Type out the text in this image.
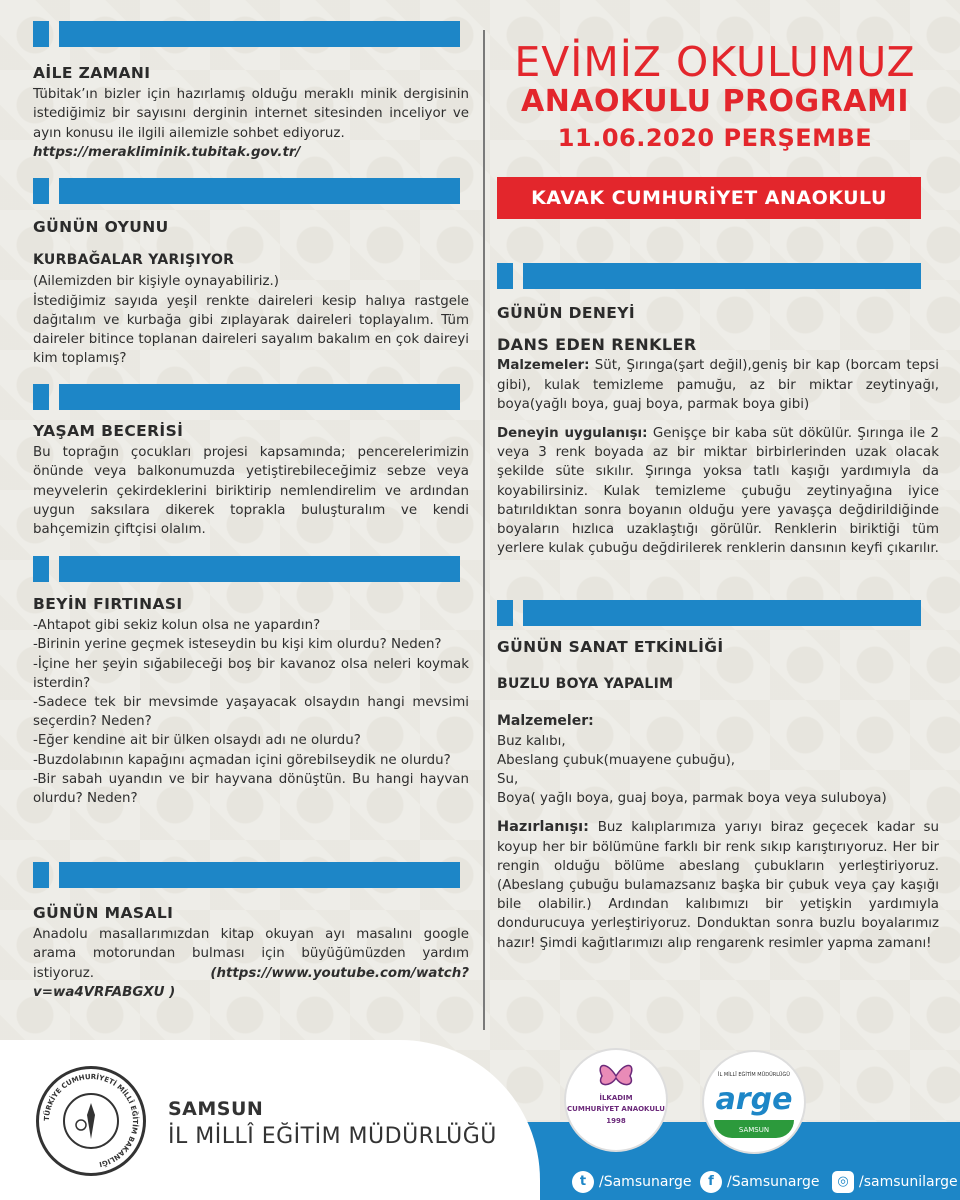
AİLE ZAMANI
Tübitak’ın bizler için hazırlamış olduğu meraklı minik dergisinin istediğimiz bir sayısını derginin internet sitesinden inceliyor ve ayın konusu ile ilgili ailemizle sohbet ediyoruz.
https://merakliminik.tubitak.gov.tr/
GÜNÜN OYUNU
KURBAĞALAR YARIŞIYOR
(Ailemizden bir kişiyle oynayabiliriz.)
İstediğimiz sayıda yeşil renkte daireleri kesip halıya rastgele dağıtalım ve kurbağa gibi zıplayarak daireleri toplayalım. Tüm daireler bitince toplanan daireleri sayalım bakalım en çok daireyi kim toplamış?
YAŞAM BECERİSİ
Bu toprağın çocukları projesi kapsamında; pencerelerimizin önünde veya balkonumuzda yetiştirebileceğimiz sebze veya meyvelerin çekirdeklerini biriktirip nemlendirelim ve ardından uygun saksılara dikerek toprakla buluşturalım ve kendi bahçemizin çiftçisi olalım.
BEYİN FIRTINASI
-Ahtapot gibi sekiz kolun olsa ne yapardın?
-Birinin yerine geçmek isteseydin bu kişi kim olurdu? Neden?
-İçine her şeyin sığabileceği boş bir kavanoz olsa neleri koymak isterdin?
-Sadece tek bir mevsimde yaşayacak olsaydın hangi mevsimi seçerdin? Neden?
-Eğer kendine ait bir ülken olsaydı adı ne olurdu?
-Buzdolabının kapağını açmadan içini görebilseydik ne olurdu?
-Bir sabah uyandın ve bir hayvana dönüştün. Bu hangi hayvan olurdu? Neden?
GÜNÜN MASALI
Anadolu masallarımızdan kitap okuyan ayı masalını google arama motorundan bulması için büyüğümüzden yardım istiyoruz.	(https://www.youtube.com/watch?v=wa4VRFABGXU )
EVİMİZ OKULUMUZ
ANAOKULU PROGRAMI
11.06.2020 PERŞEMBE
KAVAK CUMHURİYET ANAOKULU
GÜNÜN DENEYİ
DANS EDEN RENKLER
Malzemeler: Süt, Şırınga(şart değil),geniş bir kap (borcam tepsi gibi), kulak temizleme pamuğu, az bir miktar zeytinyağı, boya(yağlı boya, guaj boya, parmak boya gibi)
Deneyin uygulanışı: Genişçe bir kaba süt dökülür. Şırınga ile 2 veya 3 renk boyada az bir miktar birbirlerinden uzak olacak şekilde süte sıkılır. Şırınga yoksa tatlı kaşığı yardımıyla da koyabilirsiniz. Kulak temizleme çubuğu zeytinyağına iyice batırıldıktan sonra boyanın olduğu yere yavaşça değdirildiğinde boyaların hızlıca uzaklaştığı görülür. Renklerin biriktiği tüm yerlere kulak çubuğu değdirilerek renklerin dansının keyfi çıkarılır.
GÜNÜN SANAT ETKİNLİĞİ
BUZLU BOYA YAPALIM
Malzemeler:
Buz kalıbı,
Abeslang çubuk(muayene çubuğu),
Su,
Boya( yağlı boya, guaj boya, parmak boya veya suluboya)
Hazırlanışı: Buz kalıplarımıza yarıyı biraz geçecek kadar su koyup her bir bölümüne farklı bir renk sıkıp karıştırıyoruz. Her bir rengin olduğu bölüme abeslang çubukların yerleştiriyoruz. (Abeslang çubuğu bulamazsanız başka bir çubuk veya çay kaşığı bile olabilir.) Ardından kalıbımızı bir yetişkin yardımıyla dondurucuya yerleştiriyoruz. Donduktan sonra buzlu boyalarımız hazır! Şimdi kağıtlarımızı alıp rengarenk resimler yapma zamanı!
TÜRKİYE CUMHURİYETİ MİLLÎ EĞİTİM BAKANLIĞI
SAMSUN
İL MİLLÎ EĞİTİM MÜDÜRLÜĞÜ
İLKADIM
CUMHURİYET ANAOKULU
1998
İL MİLLÎ EĞİTİM MÜDÜRLÜĞÜ
arge
SAMSUN
t /Samsunarge	f /Samsunarge	◎ /samsunilarge
